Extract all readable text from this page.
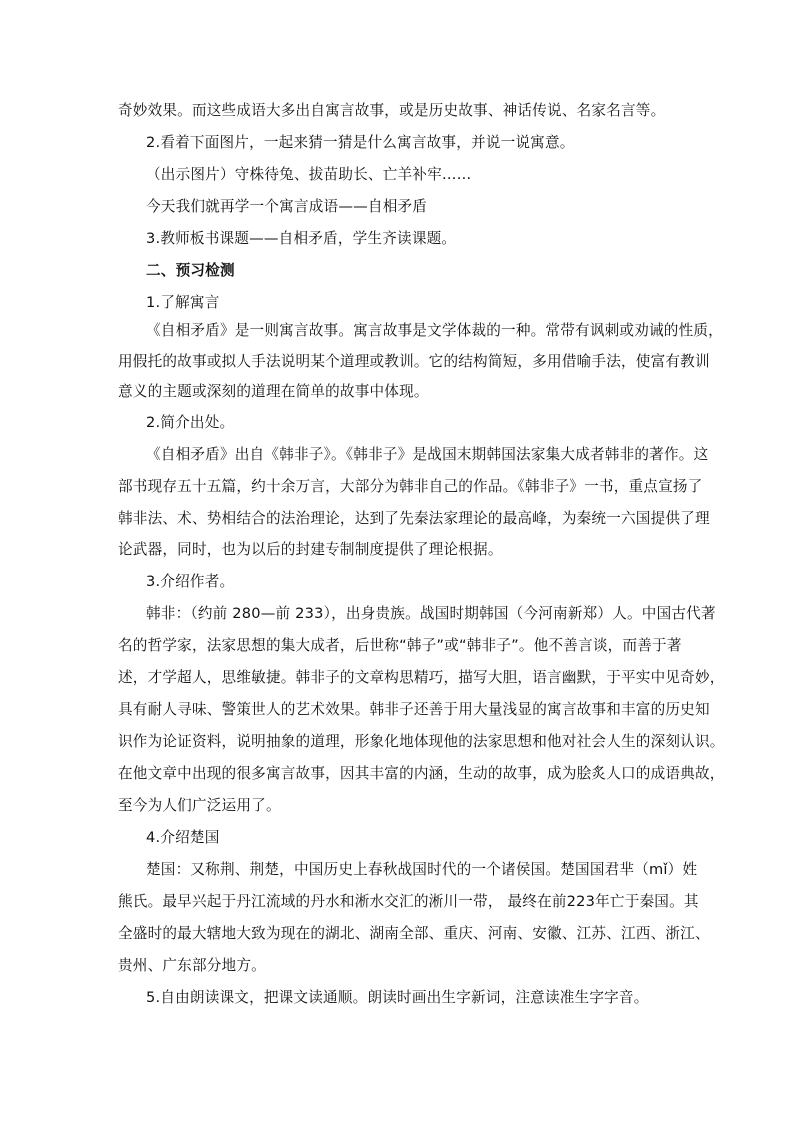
奇妙效果。而这些成语大多出自寓言故事，或是历史故事、神话传说、名家名言等。
2.看着下面图片，一起来猜一猜是什么寓言故事，并说一说寓意。
（出示图片）守株待兔、拔苗助长、亡羊补牢……
今天我们就再学一个寓言成语——自相矛盾
3.教师板书课题——自相矛盾，学生齐读课题。
二、预习检测
1.了解寓言
《自相矛盾》是一则寓言故事。寓言故事是文学体裁的一种。常带有讽刺或劝诫的性质，
用假托的故事或拟人手法说明某个道理或教训。它的结构简短，多用借喻手法，使富有教训
意义的主题或深刻的道理在简单的故事中体现。
2.简介出处。
《自相矛盾》出自《韩非子》。《韩非子》是战国末期韩国法家集大成者韩非的著作。这
部书现存五十五篇，约十余万言，大部分为韩非自己的作品。《韩非子》一书，重点宣扬了
韩非法、术、势相结合的法治理论，达到了先秦法家理论的最高峰，为秦统一六国提供了理
论武器，同时，也为以后的封建专制制度提供了理论根据。
3.介绍作者。
韩非：（约前 280—前 233），出身贵族。战国时期韩国（今河南新郑）人。中国古代著
名的哲学家，法家思想的集大成者，后世称“韩子”或“韩非子”。他不善言谈，而善于著
述，才学超人，思维敏捷。韩非子的文章构思精巧，描写大胆，语言幽默，于平实中见奇妙，
具有耐人寻味、警策世人的艺术效果。韩非子还善于用大量浅显的寓言故事和丰富的历史知
识作为论证资料，说明抽象的道理，形象化地体现他的法家思想和他对社会人生的深刻认识。
在他文章中出现的很多寓言故事，因其丰富的内涵，生动的故事，成为脍炙人口的成语典故，
至今为人们广泛运用了。
4.介绍楚国
楚国：又称荆、荆楚，中国历史上春秋战国时代的一个诸侯国。楚国国君芈（mǐ）姓
熊氏。最早兴起于丹江流域的丹水和淅水交汇的淅川一带， 最终在前223年亡于秦国。其
全盛时的最大辖地大致为现在的湖北、湖南全部、重庆、河南、安徽、江苏、江西、浙江、
贵州、广东部分地方。
5.自由朗读课文，把课文读通顺。朗读时画出生字新词，注意读准生字字音。
